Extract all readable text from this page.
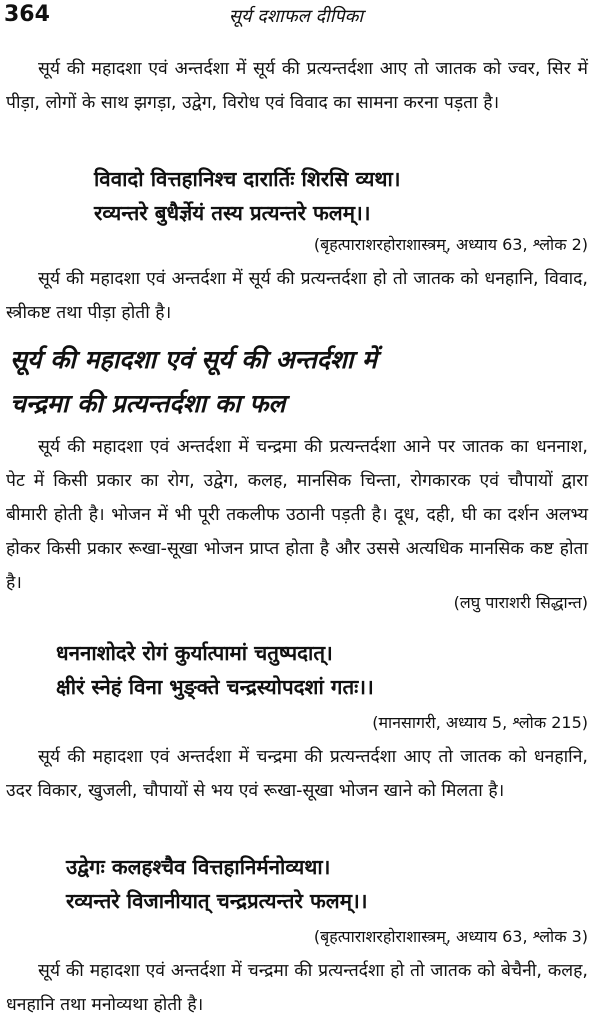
364	सूर्य दशाफल दीपिका

सूर्य की महादशा एवं अन्तर्दशा में सूर्य की प्रत्यन्तर्दशा आए तो जातक को ज्वर, सिर में पीड़ा, लोगों के साथ झगड़ा, उद्वेग, विरोध एवं विवाद का सामना करना पड़ता है।

विवादो वित्तहानिश्च दारार्तिः शिरसि व्यथा।
रव्यन्तरे बुधैर्ज्ञेयं तस्य प्रत्यन्तरे फलम्।।
(बृहत्पाराशरहोराशास्त्रम्, अध्याय 63, श्लोक 2)

सूर्य की महादशा एवं अन्तर्दशा में सूर्य की प्रत्यन्तर्दशा हो तो जातक को धनहानि, विवाद, स्त्रीकष्ट तथा पीड़ा होती है।

सूर्य की महादशा एवं सूर्य की अन्तर्दशा में
चन्द्रमा की प्रत्यन्तर्दशा का फल

सूर्य की महादशा एवं अन्तर्दशा में चन्द्रमा की प्रत्यन्तर्दशा आने पर जातक का धननाश, पेट में किसी प्रकार का रोग, उद्वेग, कलह, मानसिक चिन्ता, रोगकारक एवं चौपायों द्वारा बीमारी होती है। भोजन में भी पूरी तकलीफ उठानी पड़ती है। दूध, दही, घी का दर्शन अलभ्य होकर किसी प्रकार रूखा-सूखा भोजन प्राप्त होता है और उससे अत्यधिक मानसिक कष्ट होता है।

(लघु पाराशरी सिद्धान्त)
धननाशोदरे रोगं कुर्यात्पामां चतुष्पदात्।
क्षीरं स्नेहं विना भुङ्क्ते चन्द्रस्योपदशां गतः।।
(मानसागरी, अध्याय 5, श्लोक 215)

सूर्य की महादशा एवं अन्तर्दशा में चन्द्रमा की प्रत्यन्तर्दशा आए तो जातक को धनहानि, उदर विकार, खुजली, चौपायों से भय एवं रूखा-सूखा भोजन खाने को मिलता है।

उद्वेगः कलहश्चैव वित्तहानिर्मनोव्यथा।
रव्यन्तरे विजानीयात् चन्द्रप्रत्यन्तरे फलम्।।
(बृहत्पाराशरहोराशास्त्रम्, अध्याय 63, श्लोक 3)

सूर्य की महादशा एवं अन्तर्दशा में चन्द्रमा की प्रत्यन्तर्दशा हो तो जातक को बेचैनी, कलह, धनहानि तथा मनोव्यथा होती है।
